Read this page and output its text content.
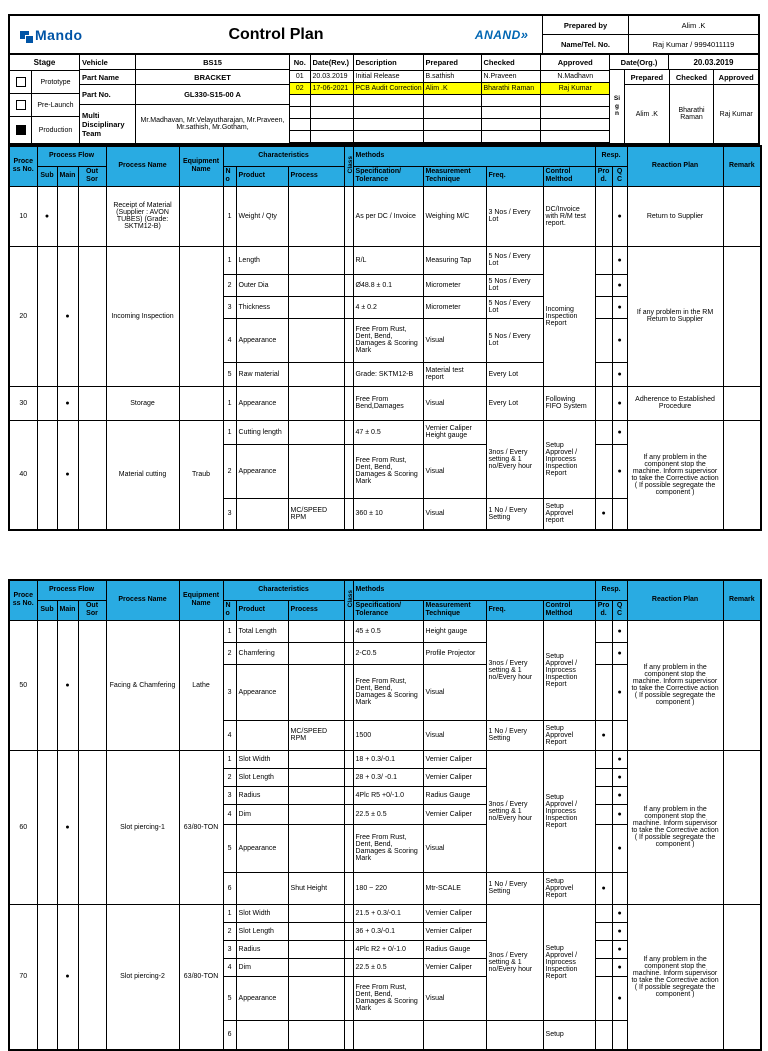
Mando	Control Plan	ANAND»
Prepared by	Alim .K
Name/Tel. No.	Raj Kumar / 9994011119
Stage
Prototype
Pre-Launch
Production
Vehicle	BS15
Part Name	BRACKET
Part No.	GL330-S15-00 A
Multi Disciplinary Team
Mr.Madhavan, Mr.Velayutharajan, Mr.Praveen, Mr.sathish, Mr.Gotham,
No.	Date(Rev.)	Description	Prepared	Checked	Approved
01	20.03.2019	Initial Release	B.sathish	N.Praveen	N.Madhavn
02	17-06-2021	PCB Audit Correction	Alim .K	Bharathi Raman	Raj Kumar

Date(Org.)	20.03.2019
Sign
Prepared	Checked	Approved
Alim .K	Bharathi Raman	Raj Kumar
Process No.	Process Flow			Process Name	Equipment Name	Characteristics			Class	Methods				Resp.		Reaction Plan	Remark
	Sub	Main	Out Sor			No	Product	Process		Specification/ Tolerance	Measurement Technique	Freq.	Control Melthod	Prod.	QC		
10	●			Receipt of Material (Supplier : AVON TUBES) (Grade: SKTM12-B)		1	Weight / Qty			As per DC / Invoice	Weighing M/C	3 Nos / Every Lot	DC/Invoice with R/M test report.		●	Return to Supplier	
20		●		Incoming Inspection		1	Length			R/L	Measuring Tap	5 Nos / Every Lot	Incoming Inspection Report		●	If any problem in the RM Return to Supplier	
						2	Outer Dia			Ø48.8 ± 0.1	Micrometer	5 Nos / Every Lot			●		
						3	Thickness			4 ± 0.2	Micrometer	5 Nos / Every Lot			●		
						4	Appearance			Free From Rust, Dent, Bend, Damages & Scoring Mark	Visual	5 Nos / Every Lot			●		
						5	Raw material			Grade: SKTM12-B	Material test report	Every Lot			●		
30		●		Storage		1	Appearance			Free From Bend,Damages	Visual	Every Lot	Following FIFO System		●	Adherence to Established Procedure	
40		●		Material cutting	Traub	1	Cutting length			47 ± 0.5	Vernier Caliper Height gauge	3nos / Every setting & 1 no/Every hour	Setup Approvel / Inprocess Inspection Report		●	If any problem in the component stop the machine. Inform supervisor to take the Corrective action ( If possible segregate the component )	
						2	Appearance			Free From Rust, Dent, Bend, Damages & Scoring Mark	Visual				●		
						3		MC/SPEED RPM		360 ± 10	Visual	1 No / Every Setting	Setup Approvel report	●			
Process No.	Process Flow			Process Name	Equipment Name	Characteristics			Class	Methods				Resp.		Reaction Plan	Remark
	Sub	Main	Out Sor			No	Product	Process		Specification/ Tolerance	Measurement Technique	Freq.	Control Melthod	Prod.	QC		
50		●		Facing & Chamfering	Lathe	1	Total Length			45 ± 0.5	Height gauge	3nos / Every setting & 1 no/Every hour	Setup Approvel / Inprocess Inspection Report		●	If any problem in the component stop the machine. Inform supervisor to take the Corrective action ( If possible segregate the component )	
						2	Chamfering			2-C0.5	Profile Projector				●		
						3	Appearance			Free From Rust, Dent, Bend, Damages & Scoring Mark	Visual				●		
						4		MC/SPEED RPM		1500	Visual	1 No / Every Setting	Setup Approvel Report	●			
60		●		Slot piercing-1	63/80-TON	1	Slot Width			18 + 0.3/-0.1	Vernier Caliper	3nos / Every setting & 1 no/Every hour	Setup Approvel / Inprocess Inspection Report		●	If any problem in the component stop the machine. Inform supervisor to take the Corrective action ( If possible segregate the component )	
						2	Slot Length			28 + 0.3/ -0.1	Vernier Caliper				●		
						3	Radius			4Plc R5 +0/-1.0	Radius Gauge				●		
						4	Dim			22.5 ± 0.5	Vernier Caliper				●		
						5	Appearance			Free From Rust, Dent, Bend, Damages & Scoring Mark	Visual				●		
						6		Shut Height		180 ~ 220	Mtr-SCALE	1 No / Every Setting	Setup Approvel Report	●			
70		●		Slot piercing-2	63/80-TON	1	Slot Width			21.5 + 0.3/-0.1	Vernier Caliper	3nos / Every setting & 1 no/Every hour	Setup Approvel / Inprocess Inspection Report		●	If any problem in the component stop the machine. Inform supervisor to take the Corrective action ( If possible segregate the component )	
						2	Slot Length			36 + 0.3/-0.1	Vernier Caliper				●		
						3	Radius			4Plc R2 + 0/-1.0	Radius Gauge				●		
						4	Dim			22.5 ± 0.5	Vernier Caliper				●		
						5	Appearance			Free From Rust, Dent, Bend, Damages & Scoring Mark	Visual				●		
						6							Setup				
